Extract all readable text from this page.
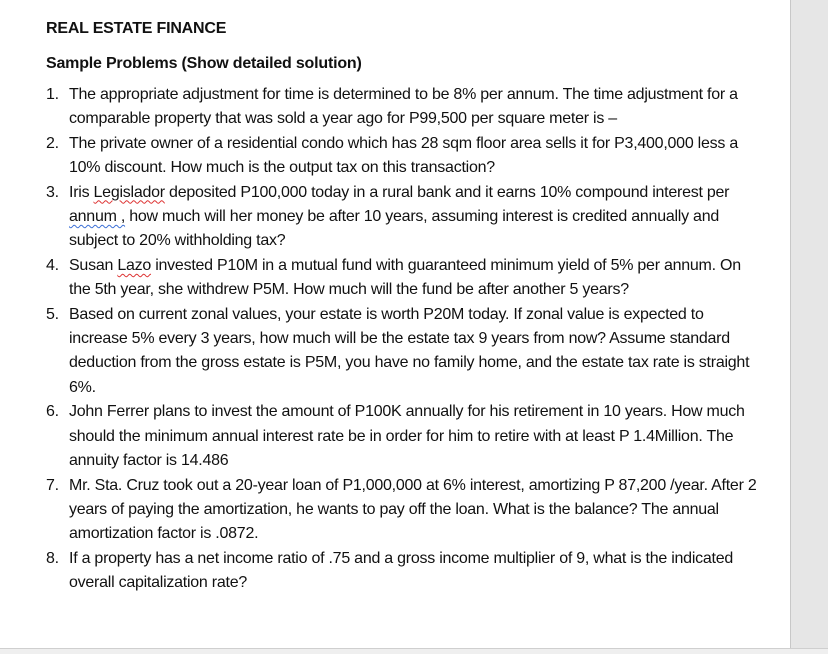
REAL ESTATE FINANCE

Sample Problems (Show detailed solution)

1. The appropriate adjustment for time is determined to be 8% per annum. The time adjustment for a comparable property that was sold a year ago for P99,500 per square meter is –
2. The private owner of a residential condo which has 28 sqm floor area sells it for P3,400,000 less a 10% discount. How much is the output tax on this transaction?
3. Iris Legislador deposited P100,000 today in a rural bank and it earns 10% compound interest per annum , how much will her money be after 10 years, assuming interest is credited annually and subject to 20% withholding tax?
4. Susan Lazo invested P10M in a mutual fund with guaranteed minimum yield of 5% per annum. On the 5th year, she withdrew P5M. How much will the fund be after another 5 years?
5. Based on current zonal values, your estate is worth P20M today. If zonal value is expected to increase 5% every 3 years, how much will be the estate tax 9 years from now? Assume standard deduction from the gross estate is P5M, you have no family home, and the estate tax rate is straight 6%.
6. John Ferrer plans to invest the amount of P100K annually for his retirement in 10 years. How much should the minimum annual interest rate be in order for him to retire with at least P 1.4Million. The annuity factor is 14.486
7. Mr. Sta. Cruz took out a 20-year loan of P1,000,000 at 6% interest, amortizing P 87,200 /year. After 2 years of paying the amortization, he wants to pay off the loan. What is the balance? The annual amortization factor is .0872.
8. If a property has a net income ratio of .75 and a gross income multiplier of 9, what is the indicated overall capitalization rate?
